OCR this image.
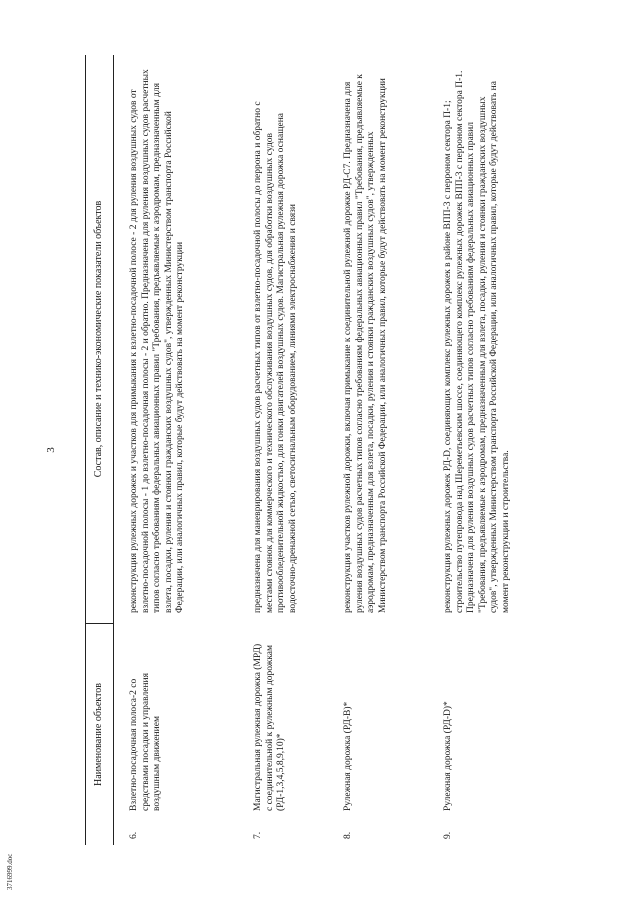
3
Наименование объектов
Состав, описание и технико-экономические показатели объектов
6.
Взлетно-посадочная полоса-2 со средствами посадки и управления воздушным движением

реконструкция рулежных дорожек и участков для примыкания к взлетно-посадочной полосе - 2 для руления воздушных судов от взлетно-посадочной полосы - 1 до взлетно-посадочная полосы - 2 и обратно. Предназначена для руления воздушных судов расчетных типов согласно требованиям федеральных авиационных правил "Требования, предъявляемые к аэродромам, предназначенным для взлета, посадки, руления и стоянки гражданских воздушных судов", утвержденных Министерством транспорта Российской Федерации, или аналогичных правил, которые будут действовать на момент реконструкции

7.
Магистральная рулежная дорожка (МРД) с соединительной к рулежным дорожкам (РД-1,3,4,5,8,9,10)*

предназначена для маневрирования воздушных судов расчетных типов от взлетно-посадочной полосы до перрона и обратно с местами стоянок для коммерческого и технического обслуживания воздушных судов, для обработки воздушных судов противообледенительной жидкостью, для гонки двигателей воздушных судов. Магистральная рулежная дорожка оснащена водосточно-дренажной сетью, светосигнальным оборудованием, линиями электроснабжения и связи

8.
Рулежная дорожка (РД-В)*

реконструкция участков рулежной дорожки, включая примыкание к соединительной рулежной дорожке РД-С7. Предназначена для руления воздушных судов расчетных типов согласно требованиям федеральных авиационных правил "Требования, предъявляемые к аэродромам, предназначенным для взлета, посадки, руления и стоянки гражданских воздушных судов", утвержденных Министерством транспорта Российской Федерации, или аналогичных правил, которые будут действовать на момент реконструкции

9.
Рулежная дорожка (РД-D)*

реконструкция рулежных дорожек РД-D, соединяющих комплекс рулежных дорожек в районе ВПП-3 с перроном сектора П-1; строительство путепровода над Шереметьевским шоссе, соединяющего комплекс рулежных дорожек ВПП-3 с перроном сектора П-1. Предназначена для руления воздушных судов расчетных типов согласно требованиям федеральных авиационных правил "Требования, предъявляемые к аэродромам, предназначенным для взлета, посадки, руления и стоянки гражданских воздушных судов", утвержденных Министерством транспорта Российской Федерации, или аналогичных правил, которые будут действовать на момент реконструкции и строительства.

3716999.doc
